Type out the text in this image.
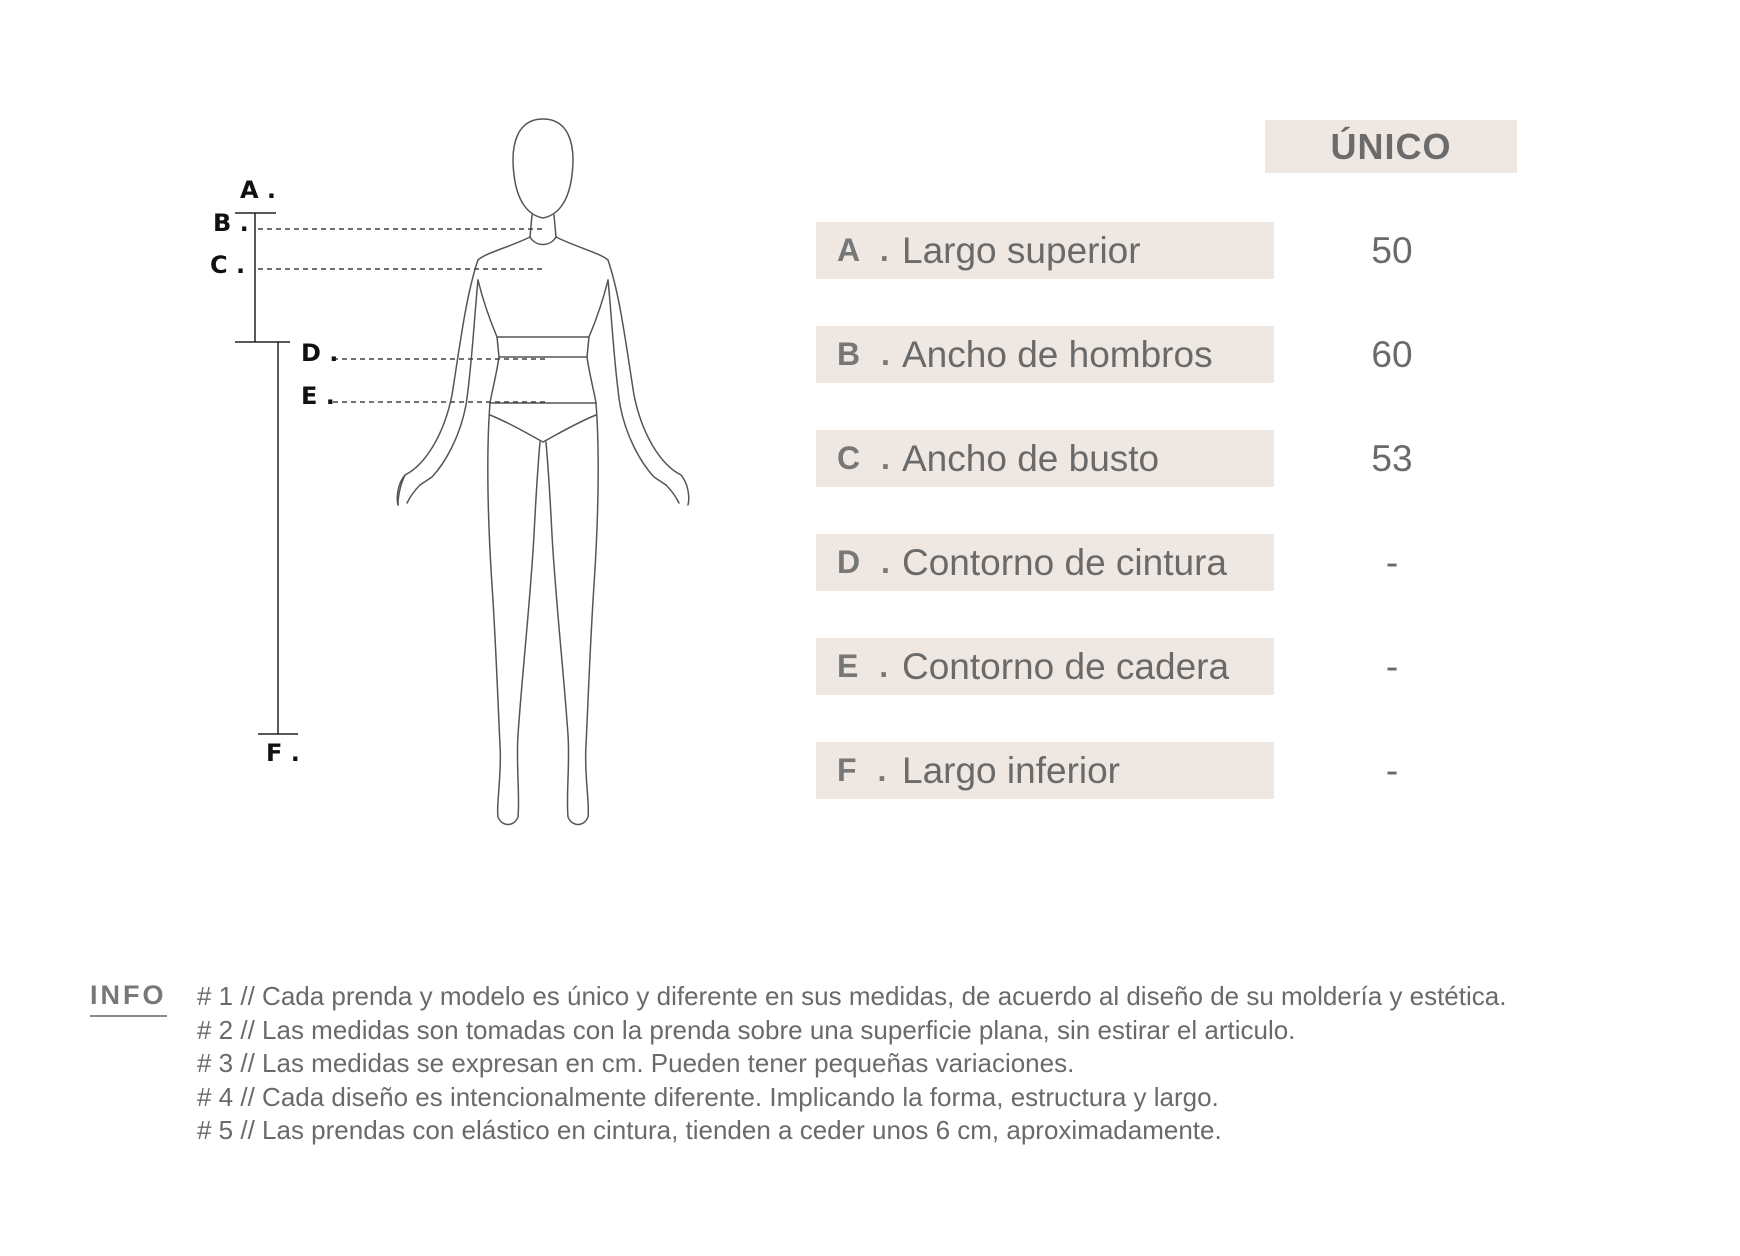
A .
B .
C .
D .
E .
F .
ÚNICO
A . Largo superior	50
B . Ancho de hombros	60
C . Ancho de busto	53
D . Contorno de cintura	-
E . Contorno de cadera	-
F . Largo inferior	-
INFO # 1 // Cada prenda y modelo es único y diferente en sus medidas, de acuerdo al diseño de su moldería y estética.
# 2 // Las medidas son tomadas con la prenda sobre una superficie plana, sin estirar el articulo.
# 3 // Las medidas se expresan en cm. Pueden tener pequeñas variaciones.
# 4 // Cada diseño es intencionalmente diferente. Implicando la forma, estructura y largo.
# 5 // Las prendas con elástico en cintura, tienden a ceder unos 6 cm, aproximadamente.
